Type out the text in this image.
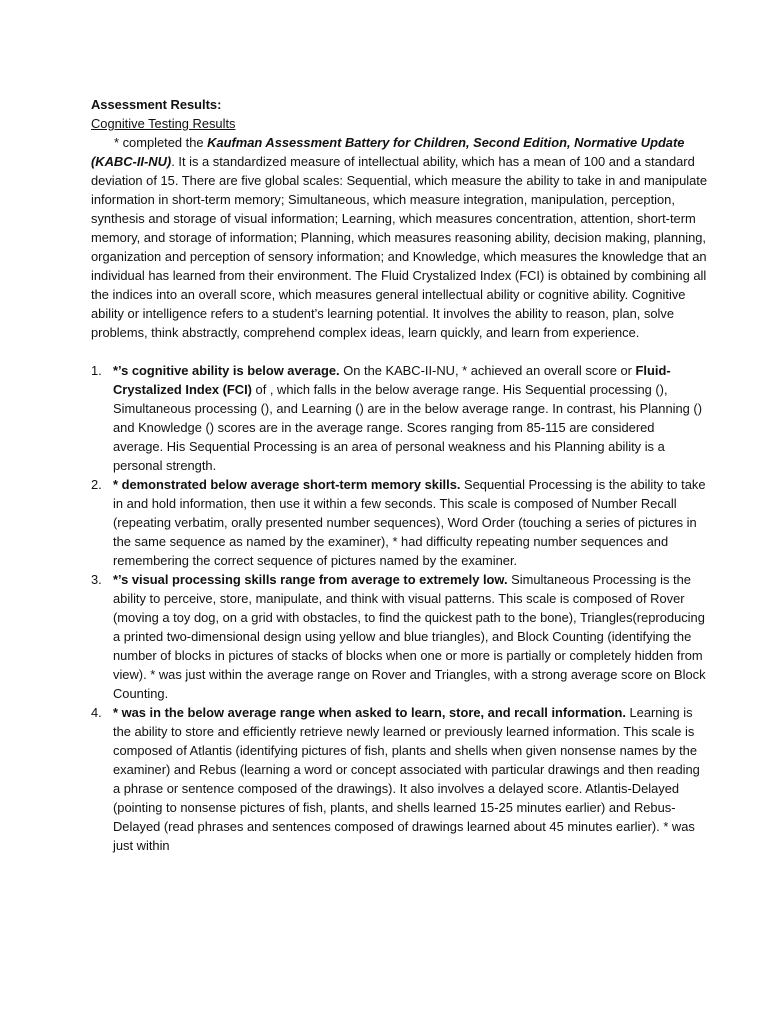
Assessment Results:

Cognitive Testing Results

* completed the Kaufman Assessment Battery for Children, Second Edition, Normative Update (KABC-II-NU). It is a standardized measure of intellectual ability, which has a mean of 100 and a standard deviation of 15. There are five global scales: Sequential, which measure the ability to take in and manipulate information in short-term memory; Simultaneous, which measure integration, manipulation, perception, synthesis and storage of visual information; Learning, which measures concentration, attention, short-term memory, and storage of information; Planning, which measures reasoning ability, decision making, planning, organization and perception of sensory information; and Knowledge, which measures the knowledge that an individual has learned from their environment. The Fluid Crystalized Index (FCI) is obtained by combining all the indices into an overall score, which measures general intellectual ability or cognitive ability. Cognitive ability or intelligence refers to a student’s learning potential. It involves the ability to reason, plan, solve problems, think abstractly, comprehend complex ideas, learn quickly, and learn from experience.

1. *’s cognitive ability is below average. On the KABC-II-NU, * achieved an overall score or Fluid-Crystalized Index (FCI) of , which falls in the below average range. His Sequential processing (), Simultaneous processing (), and Learning () are in the below average range. In contrast, his Planning () and Knowledge () scores are in the average range. Scores ranging from 85-115 are considered average. His Sequential Processing is an area of personal weakness and his Planning ability is a personal strength.
2. * demonstrated below average short-term memory skills. Sequential Processing is the ability to take in and hold information, then use it within a few seconds. This scale is composed of Number Recall (repeating verbatim, orally presented number sequences), Word Order (touching a series of pictures in the same sequence as named by the examiner), * had difficulty repeating number sequences and remembering the correct sequence of pictures named by the examiner.
3. *’s visual processing skills range from average to extremely low. Simultaneous Processing is the ability to perceive, store, manipulate, and think with visual patterns. This scale is composed of Rover (moving a toy dog, on a grid with obstacles, to find the quickest path to the bone), Triangles(reproducing a printed two-dimensional design using yellow and blue triangles), and Block Counting (identifying the number of blocks in pictures of stacks of blocks when one or more is partially or completely hidden from view). * was just within the average range on Rover and Triangles, with a strong average score on Block Counting.
4. * was in the below average range when asked to learn, store, and recall information. Learning is the ability to store and efficiently retrieve newly learned or previously learned information. This scale is composed of Atlantis (identifying pictures of fish, plants and shells when given nonsense names by the examiner) and Rebus (learning a word or concept associated with particular drawings and then reading a phrase or sentence composed of the drawings). It also involves a delayed score. Atlantis-Delayed (pointing to nonsense pictures of fish, plants, and shells learned 15-25 minutes earlier) and Rebus-Delayed (read phrases and sentences composed of drawings learned about 45 minutes earlier). * was just within
